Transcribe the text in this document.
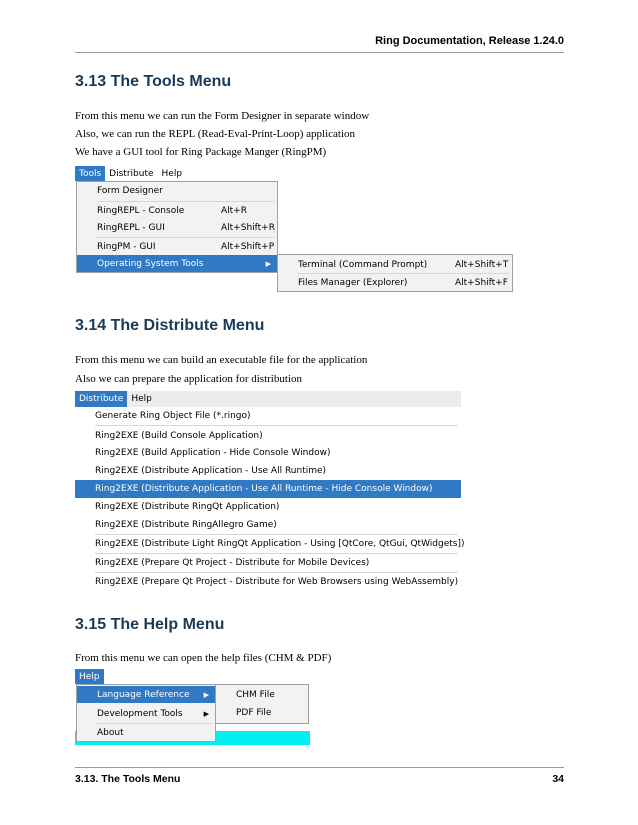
Ring Documentation, Release 1.24.0
3.13 The Tools Menu
From this menu we can run the Form Designer in separate window
Also, we can run the REPL (Read-Eval-Print-Loop) application
We have a GUI tool for Ring Package Manger (RingPM)
Tools Distribute Help
Form Designer
RingREPL - Console	Alt+R
RingREPL - GUI	Alt+Shift+R
RingPM - GUI	Alt+Shift+P
Operating System Tools	▶	Terminal (Command Prompt)	Alt+Shift+T
Files Manager (Explorer)	Alt+Shift+F
3.14 The Distribute Menu
From this menu we can build an executable file for the application
Also we can prepare the application for distribution
Distribute Help
Generate Ring Object File (*.ringo)
Ring2EXE (Build Console Application)
Ring2EXE (Build Application - Hide Console Window)
Ring2EXE (Distribute Application - Use All Runtime)
Ring2EXE (Distribute Application - Use All Runtime - Hide Console Window)
Ring2EXE (Distribute RingQt Application)
Ring2EXE (Distribute RingAllegro Game)
Ring2EXE (Distribute Light RingQt Application - Using [QtCore, QtGui, QtWidgets])
Ring2EXE (Prepare Qt Project - Distribute for Mobile Devices)
Ring2EXE (Prepare Qt Project - Distribute for Web Browsers using WebAssembly)
3.15 The Help Menu
From this menu we can open the help files (CHM & PDF)
Help
Language Reference ▶
Development Tools	▶
About
CHM File
PDF File
3.13. The Tools Menu	34
